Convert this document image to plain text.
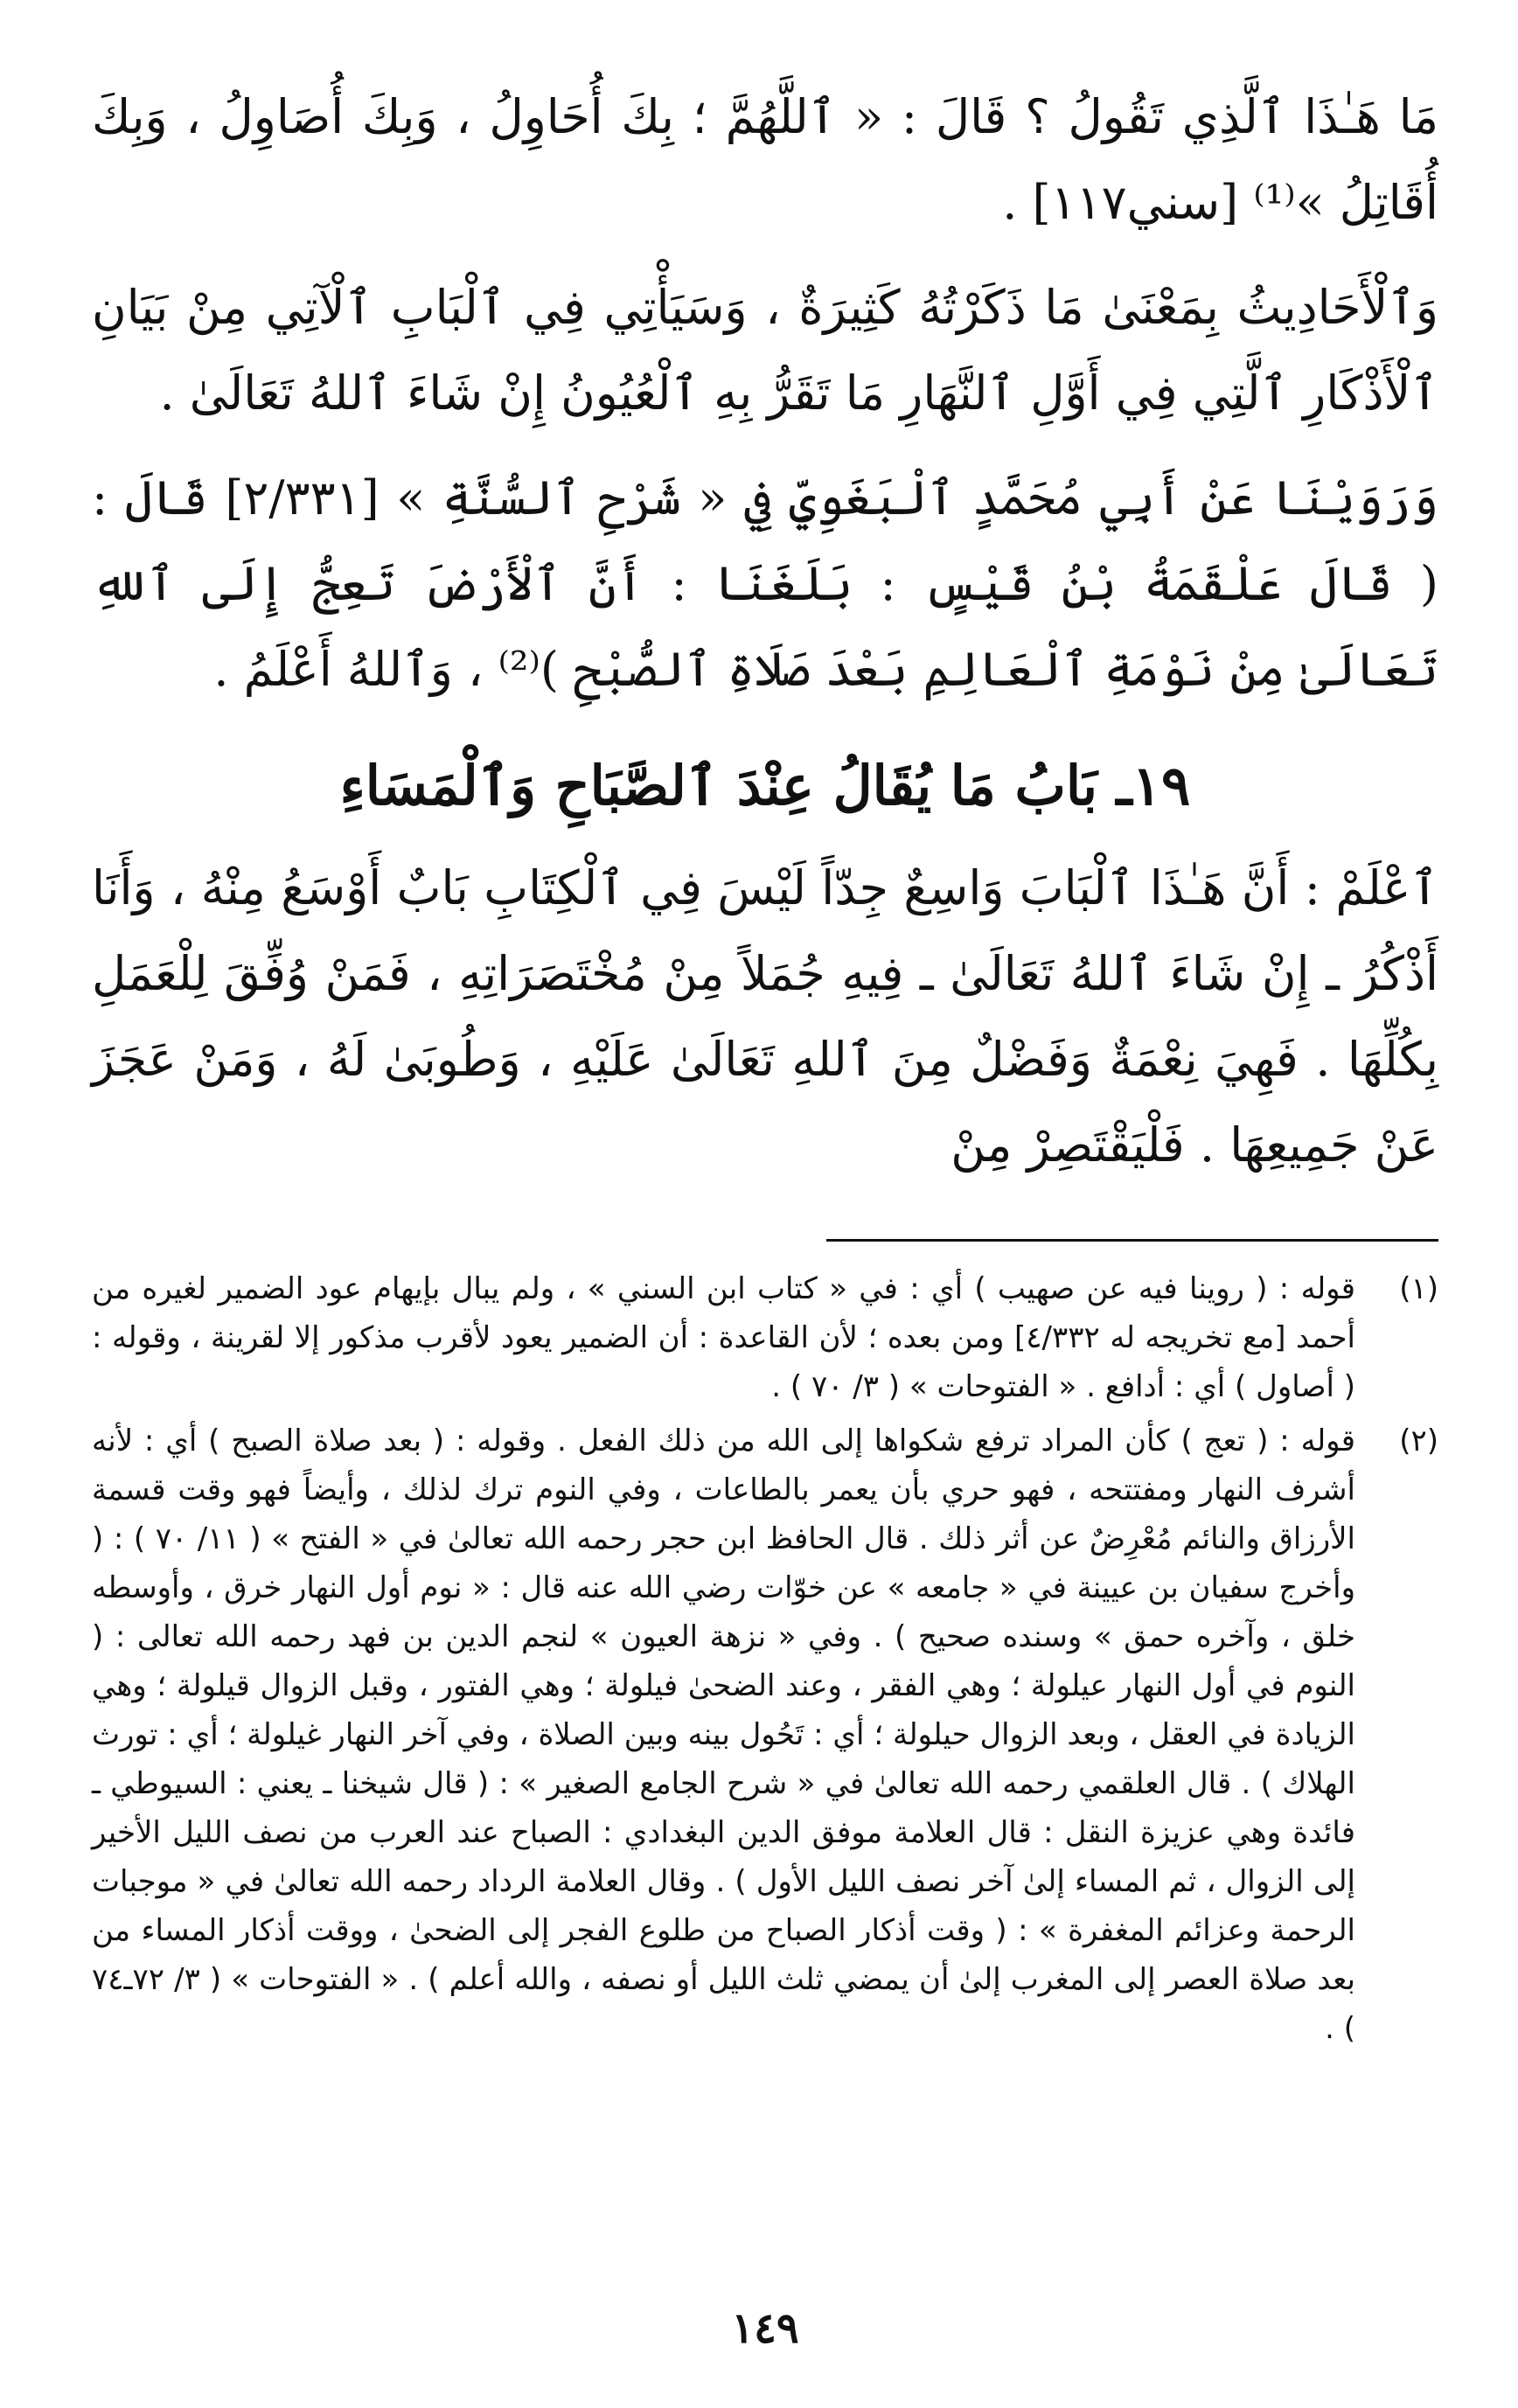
مَا هَـٰذَا ٱلَّذِي تَقُولُ ؟ قَالَ : « ٱللَّهُمَّ ؛ بِكَ أُحَاوِلُ ، وَبِكَ أُصَاوِلُ ، وَبِكَ أُقَاتِلُ »⁽¹⁾ [سني١١٧] .

وَٱلْأَحَادِيثُ بِمَعْنَىٰ مَا ذَكَرْتُهُ كَثِيرَةٌ ، وَسَيَأْتِي فِي ٱلْبَابِ ٱلْآتِي مِنْ بَيَانِ ٱلْأَذْكَارِ ٱلَّتِي فِي أَوَّلِ ٱلنَّهَارِ مَا تَقَرُّ بِهِ ٱلْعُيُونُ إِنْ شَاءَ ٱللهُ تَعَالَىٰ .

وَرَوَيْنَا عَنْ أَبِي مُحَمَّدٍ ٱلْبَغَوِيِّ فِي « شَرْحِ ٱلسُّنَّةِ » [٢/٣٣١] قَالَ : ( قَالَ عَلْقَمَةُ بْنُ قَيْسٍ : بَلَغَنَا : أَنَّ ٱلْأَرْضَ تَعِجُّ إِلَى ٱللهِ تَعَالَىٰ مِنْ نَوْمَةِ ٱلْعَالِمِ بَعْدَ صَلَاةِ ٱلصُّبْحِ )⁽²⁾ ، وَٱللهُ أَعْلَمُ .

١٩ـ بَابُ مَا يُقَالُ عِنْدَ ٱلصَّبَاحِ وَٱلْمَسَاءِ

ٱعْلَمْ : أَنَّ هَـٰذَا ٱلْبَابَ وَاسِعٌ جِدّاً لَيْسَ فِي ٱلْكِتَابِ بَابٌ أَوْسَعُ مِنْهُ ، وَأَنَا أَذْكُرُ ـ إِنْ شَاءَ ٱللهُ تَعَالَىٰ ـ فِيهِ جُمَلاً مِنْ مُخْتَصَرَاتِهِ ، فَمَنْ وُفِّقَ لِلْعَمَلِ بِكُلِّهَا . فَهِيَ نِعْمَةٌ وَفَضْلٌ مِنَ ٱللهِ تَعَالَىٰ عَلَيْهِ ، وَطُوبَىٰ لَهُ ، وَمَنْ عَجَزَ عَنْ جَمِيعِهَا . فَلْيَقْتَصِرْ مِنْ

(١)
قوله : ( روينا فيه عن صهيب ) أي : في « كتاب ابن السني » ، ولم يبال بإيهام عود الضمير لغيره من أحمد [مع تخريجه له ٤/٣٣٢] ومن بعده ؛ لأن القاعدة : أن الضمير يعود لأقرب مذكور إلا لقرينة ، وقوله : ( أصاول ) أي : أدافع . « الفتوحات » ( ٣/ ٧٠ ) .
(٢)
قوله : ( تعج ) كأن المراد ترفع شكواها إلى الله من ذلك الفعل . وقوله : ( بعد صلاة الصبح ) أي : لأنه أشرف النهار ومفتتحه ، فهو حري بأن يعمر بالطاعات ، وفي النوم ترك لذلك ، وأيضاً فهو وقت قسمة الأرزاق والنائم مُعْرِضٌ عن أثر ذلك . قال الحافظ ابن حجر رحمه الله تعالىٰ في « الفتح » ( ١١/ ٧٠ ) : ( وأخرج سفيان بن عيينة في « جامعه » عن خوّات رضي الله عنه قال : « نوم أول النهار خرق ، وأوسطه خلق ، وآخره حمق » وسنده صحيح ) . وفي « نزهة العيون » لنجم الدين بن فهد رحمه الله تعالى : ( النوم في أول النهار عيلولة ؛ وهي الفقر ، وعند الضحىٰ فيلولة ؛ وهي الفتور ، وقبل الزوال قيلولة ؛ وهي الزيادة في العقل ، وبعد الزوال حيلولة ؛ أي : تَحُول بينه وبين الصلاة ، وفي آخر النهار غيلولة ؛ أي : تورث الهلاك ) . قال العلقمي رحمه الله تعالىٰ في « شرح الجامع الصغير » : ( قال شيخنا ـ يعني : السيوطي ـ فائدة وهي عزيزة النقل : قال العلامة موفق الدين البغدادي : الصباح عند العرب من نصف الليل الأخير إلى الزوال ، ثم المساء إلىٰ آخر نصف الليل الأول ) . وقال العلامة الرداد رحمه الله تعالىٰ في « موجبات الرحمة وعزائم المغفرة » : ( وقت أذكار الصباح من طلوع الفجر إلى الضحىٰ ، ووقت أذكار المساء من بعد صلاة العصر إلى المغرب إلىٰ أن يمضي ثلث الليل أو نصفه ، والله أعلم ) . « الفتوحات » ( ٣/ ٧٢ـ٧٤ ) .
١٤٩
